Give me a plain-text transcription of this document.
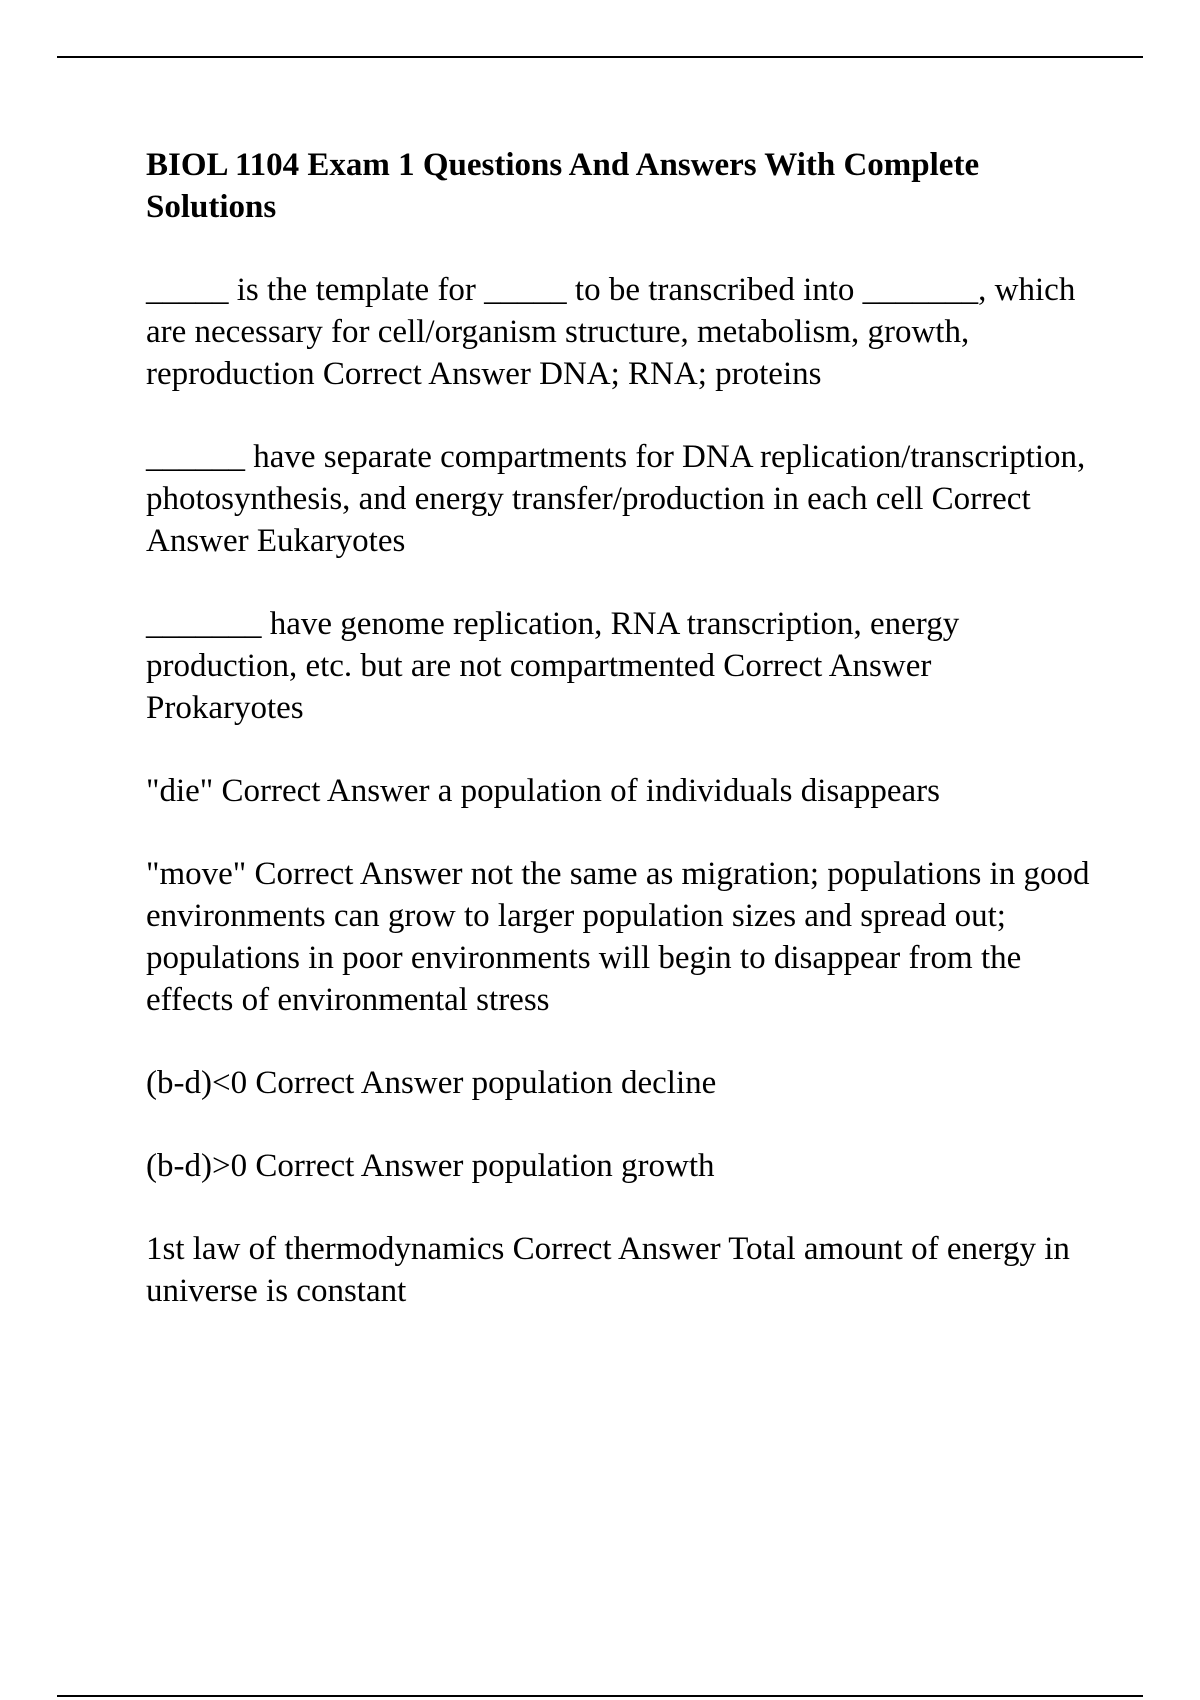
BIOL 1104 Exam 1 Questions And Answers With Complete Solutions

_____ is the template for _____ to be transcribed into _______, which are necessary for cell/organism structure, metabolism, growth, reproduction Correct Answer DNA; RNA; proteins

______ have separate compartments for DNA replication/transcription, photosynthesis, and energy transfer/production in each cell Correct Answer Eukaryotes

_______ have genome replication, RNA transcription, energy production, etc. but are not compartmented Correct Answer Prokaryotes

"die" Correct Answer a population of individuals disappears

"move" Correct Answer not the same as migration; populations in good environments can grow to larger population sizes and spread out; populations in poor environments will begin to disappear from the effects of environmental stress

(b-d)<0 Correct Answer population decline

(b-d)>0 Correct Answer population growth

1st law of thermodynamics Correct Answer Total amount of energy in universe is constant
